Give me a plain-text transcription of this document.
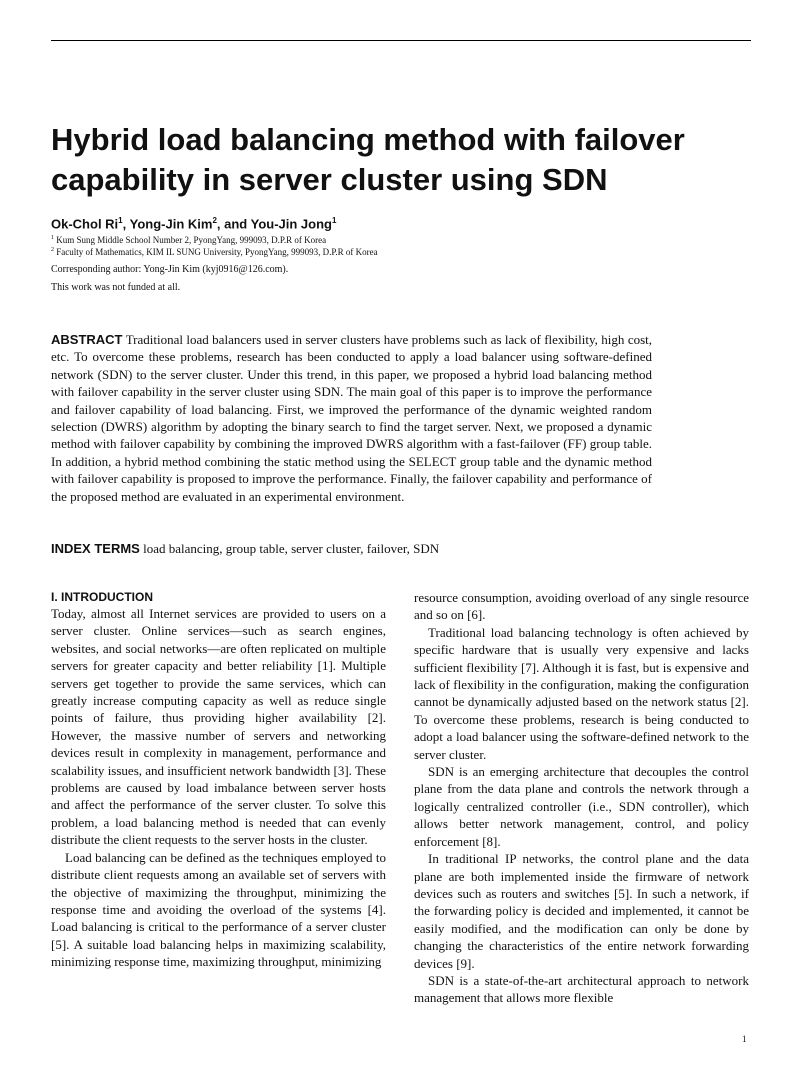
Hybrid load balancing method with failover
capability in server cluster using SDN

Ok-Chol Ri$^1$, Yong-Jin Kim$^2$, and You-Jin Jong$^1$

$^1$ Kum Sung Middle School Number 2, PyongYang, 999093, D.P.R of Korea

$^2$ Faculty of Mathematics, KIM IL SUNG University, PyongYang, 999093, D.P.R of Korea

Corresponding author: Yong-Jin Kim (kyj0916@126.com).

This work was not funded at all.

ABSTRACT Traditional load balancers used in server clusters have problems such as lack of flexibility, high cost, etc. To overcome these problems, research has been conducted to apply a load balancer using software-defined network (SDN) to the server cluster. Under this trend, in this paper, we proposed a hybrid load balancing method with failover capability in the server cluster using SDN. The main goal of this paper is to improve the performance and failover capability of load balancing. First, we improved the performance of the dynamic weighted random selection (DWRS) algorithm by adopting the binary search to find the target server. Next, we proposed a dynamic method with failover capability by combining the improved DWRS algorithm with a fast-failover (FF) group table. In addition, a hybrid method combining the static method using the SELECT group table and the dynamic method with failover capability is proposed to improve the performance. Finally, the failover capability and performance of the proposed method are evaluated in an experimental environment.

INDEX TERMS load balancing, group table, server cluster, failover, SDN

I. INTRODUCTION

Today, almost all Internet services are provided to users on a server cluster. Online services—such as search engines, websites, and social networks—are often replicated on multiple servers for greater capacity and better reliability [1]. Multiple servers get together to provide the same services, which can greatly increase computing capacity as well as reduce single points of failure, thus providing higher availability [2]. However, the massive number of servers and networking devices result in complexity in management, performance and scalability issues, and insufficient network bandwidth [3]. These problems are caused by load imbalance between server hosts and affect the performance of the server cluster. To solve this problem, a load balancing method is needed that can evenly distribute the client requests to the server hosts in the cluster.

Load balancing can be defined as the techniques employed to distribute client requests among an available set of servers with the objective of maximizing the throughput, minimizing the response time and avoiding the overload of the systems [4]. Load balancing is critical to the performance of a server cluster [5]. A suitable load balancing helps in maximizing scalability, minimizing response time, maximizing throughput, minimizing

resource consumption, avoiding overload of any single resource and so on [6].

Traditional load balancing technology is often achieved by specific hardware that is usually very expensive and lacks sufficient flexibility [7]. Although it is fast, but is expensive and lack of flexibility in the configuration, making the configuration cannot be dynamically adjusted based on the network status [2]. To overcome these problems, research is being conducted to adopt a load balancer using the software-defined network to the server cluster.

SDN is an emerging architecture that decouples the control plane from the data plane and controls the network through a logically centralized controller (i.e., SDN controller), which allows better network management, control, and policy enforcement [8].

In traditional IP networks, the control plane and the data plane are both implemented inside the firmware of network devices such as routers and switches [5]. In such a network, if the forwarding policy is decided and implemented, it cannot be easily modified, and the modification can only be done by changing the characteristics of the entire network forwarding devices [9].

SDN is a state-of-the-art architectural approach to network management that allows more flexible

1
